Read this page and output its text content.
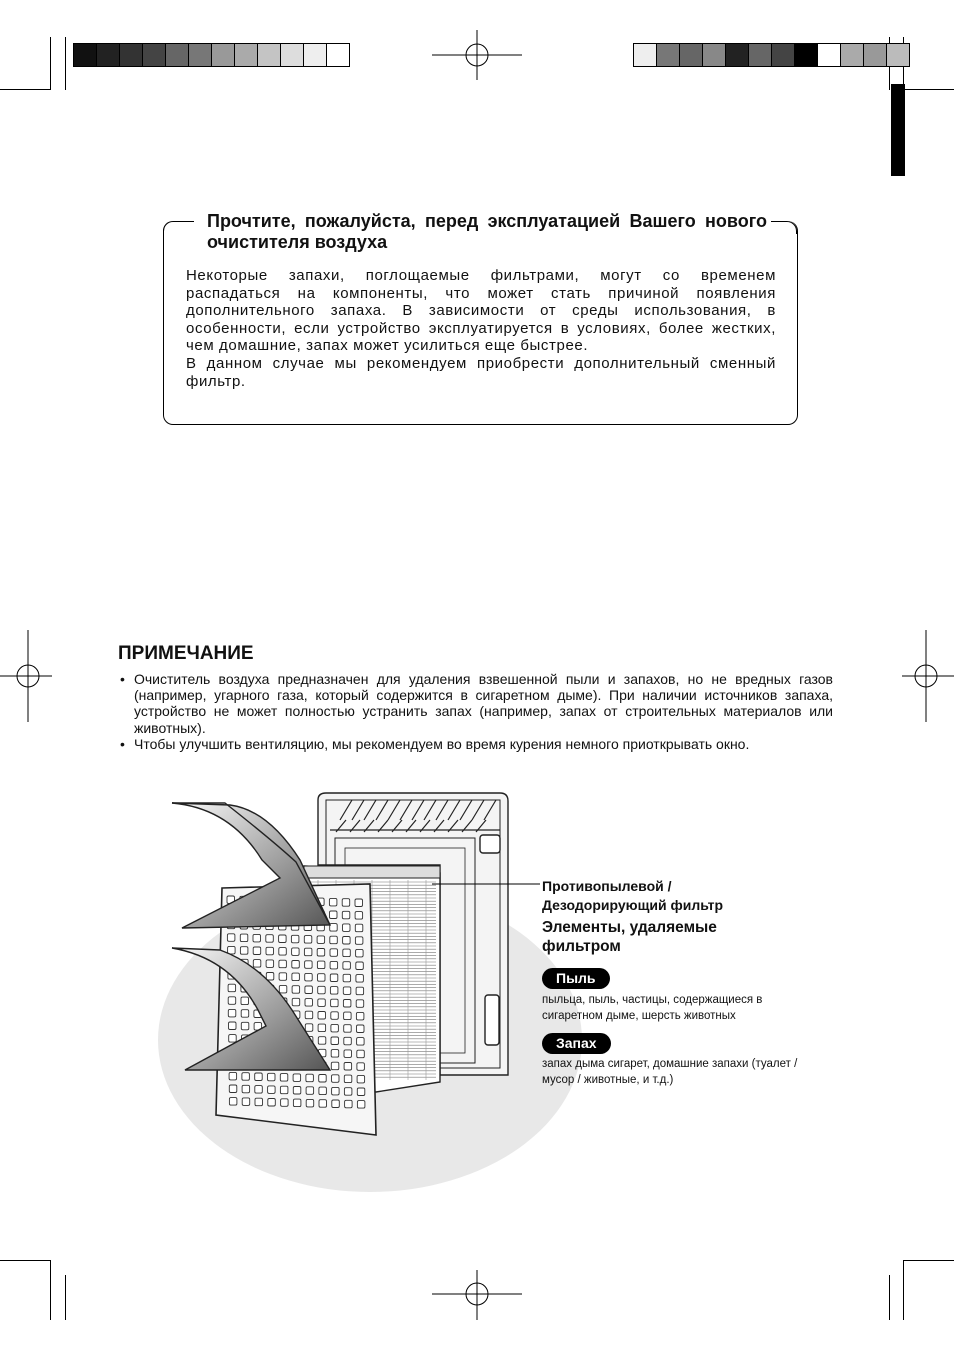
Прочтите, пожалуйста, перед эксплуатацией Вашего нового очистителя воздуха

Некоторые запахи, поглощаемые фильтрами, могут со временем распадаться на компоненты, что может стать причиной появления дополнительного запаха. В зависимости от среды использования, в особенности, если устройство эксплуатируется в условиях, более жестких, чем домашние, запах может усилиться еще быстрее.

В данном случае мы рекомендуем приобрести дополнительный сменный фильтр.

ПРИМЕЧАНИЕ
• Очиститель воздуха предназначен для удаления взвешенной пыли и запахов, но не вредных газов (например, угарного газа, который содержится в сигаретном дыме). При наличии источников запаха, устройство не может полностью устранить запах (например, запах от строительных материалов или животных).
• Чтобы улучшить вентиляцию, мы рекомендуем во время курения немного приоткрывать окно.
Противопылевой /
Дезодорирующий фильтр
Элементы, удаляемые фильтром
Пыль
пыльца, пыль, частицы, содержащиеся в сигаретном дыме, шерсть животных
Запах
запах дыма сигарет, домашние запахи (туалет / мусор / животные, и т.д.)
